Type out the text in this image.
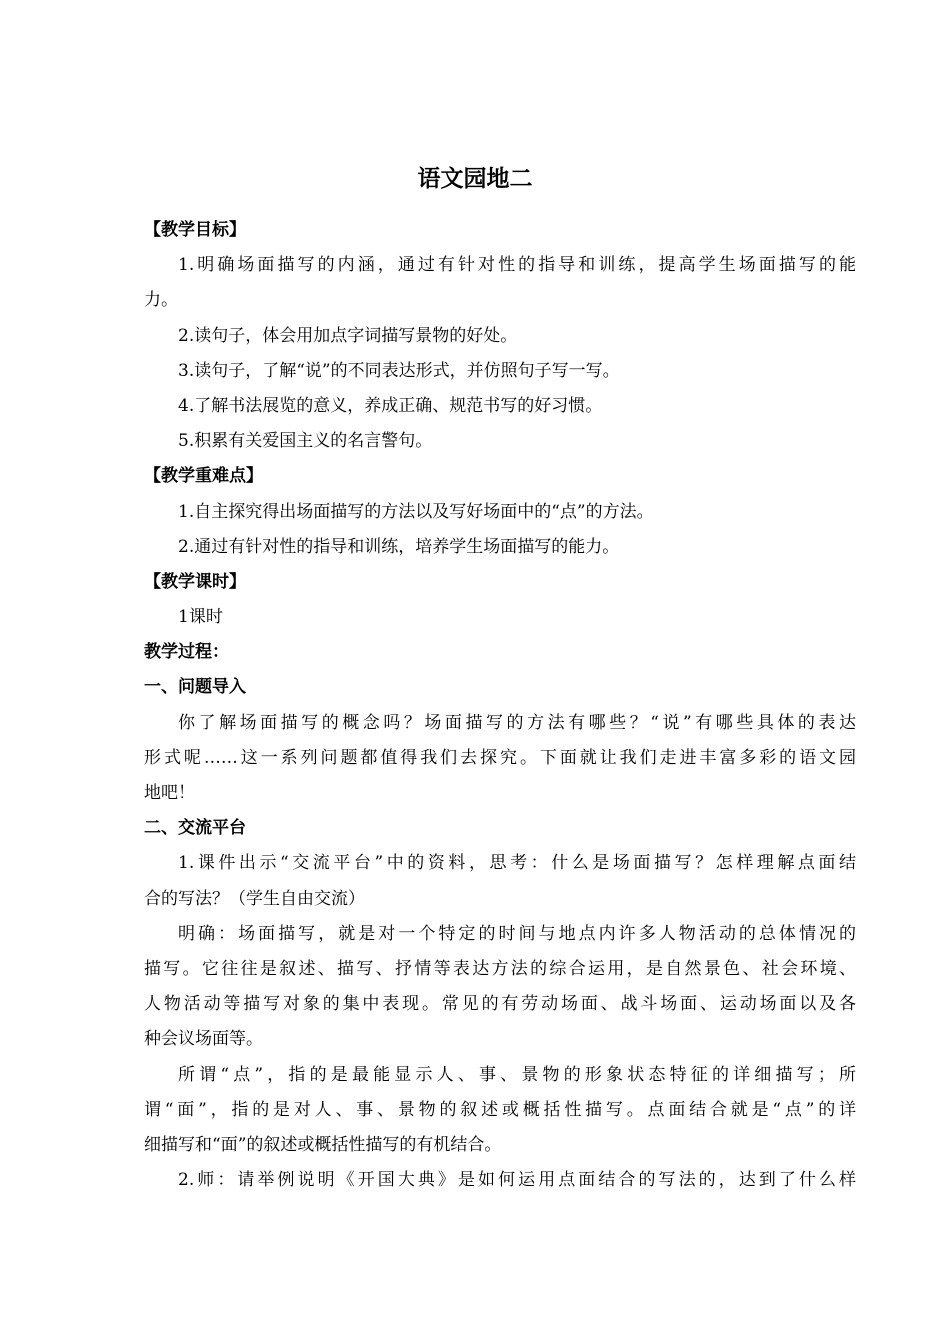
语文园地二
【教学目标】
1.明确场面描写的内涵，通过有针对性的指导和训练，提高学生场面描写的能
力。
2.读句子，体会用加点字词描写景物的好处。
3.读句子，了解“说”的不同表达形式，并仿照句子写一写。
4.了解书法展览的意义，养成正确、规范书写的好习惯。
5.积累有关爱国主义的名言警句。
【教学重难点】
1.自主探究得出场面描写的方法以及写好场面中的“点”的方法。
2.通过有针对性的指导和训练，培养学生场面描写的能力。
【教学课时】
1课时
教学过程：
一、问题导入
你了解场面描写的概念吗？场面描写的方法有哪些？“说”有哪些具体的表达
形式呢……这一系列问题都值得我们去探究。下面就让我们走进丰富多彩的语文园
地吧！
二、交流平台
1.课件出示“交流平台”中的资料，思考：什么是场面描写？怎样理解点面结
合的写法？（学生自由交流）
明确：场面描写，就是对一个特定的时间与地点内许多人物活动的总体情况的
描写。它往往是叙述、描写、抒情等表达方法的综合运用，是自然景色、社会环境、
人物活动等描写对象的集中表现。常见的有劳动场面、战斗场面、运动场面以及各
种会议场面等。
所谓“点”，指的是最能显示人、事、景物的形象状态特征的详细描写；所
谓“面”，指的是对人、事、景物的叙述或概括性描写。点面结合就是“点”的详
细描写和“面”的叙述或概括性描写的有机结合。
2.师：请举例说明《开国大典》是如何运用点面结合的写法的，达到了什么样
